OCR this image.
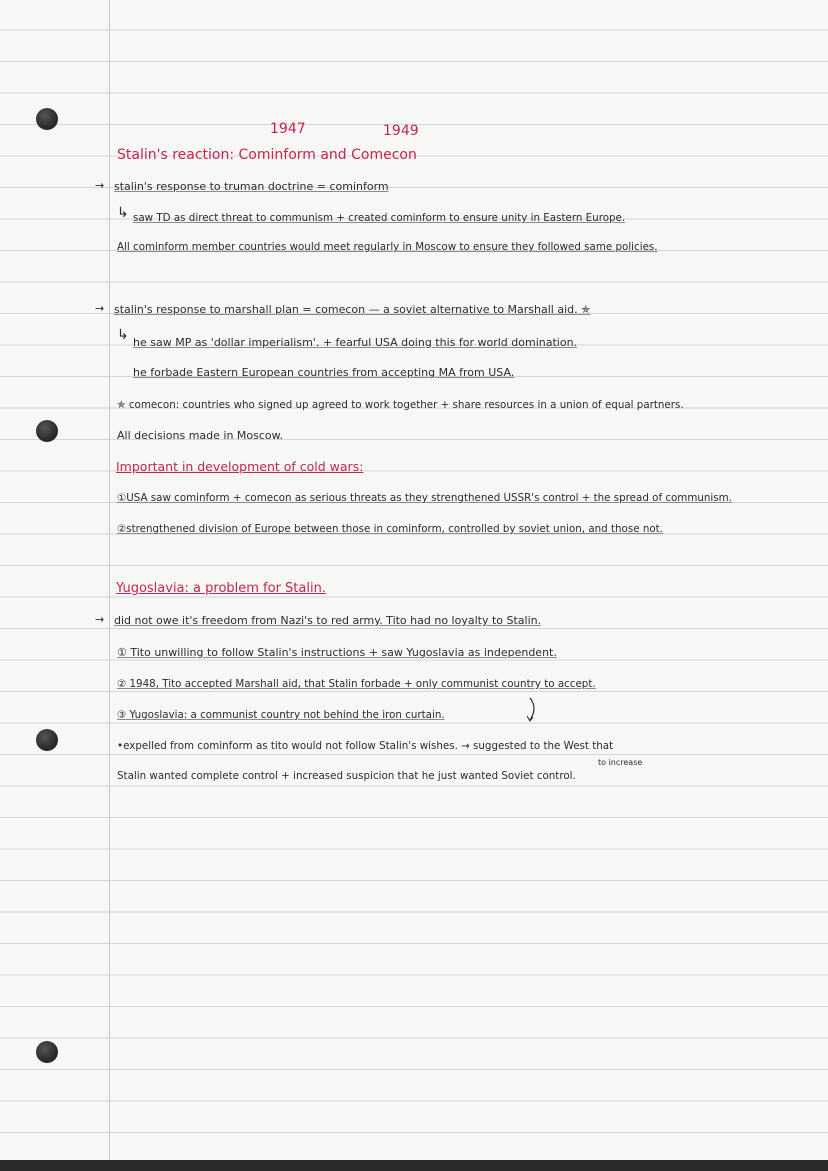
1947	1949
Stalin's reaction: Cominform and Comecon
→ stalin's response to truman doctrine = cominform
↳ saw TD as direct threat to communism + created cominform to ensure unity in Eastern Europe.
All cominform member countries would meet regularly in Moscow to ensure they followed same policies.
→ stalin's response to marshall plan = comecon — a soviet alternative to Marshall aid. ✯
↳ he saw MP as 'dollar imperialism'. + fearful USA doing this for world domination.
he forbade Eastern European countries from accepting MA from USA.
✯ comecon: countries who signed up agreed to work together + share resources in a union of equal partners.
All decisions made in Moscow.
Important in development of cold wars:
①USA saw cominform + comecon as serious threats as they strengthened USSR's control + the spread of communism.
②strengthened division of Europe between those in cominform, controlled by soviet union, and those not.
Yugoslavia: a problem for Stalin.
→ did not owe it's freedom from Nazi's to red army. Tito had no loyalty to Stalin.
① Tito unwilling to follow Stalin's instructions + saw Yugoslavia as independent.
② 1948, Tito accepted Marshall aid, that Stalin forbade + only communist country to accept.
③ Yugoslavia: a communist country not behind the iron curtain.
•expelled from cominform as tito would not follow Stalin's wishes. → suggested to the West that
to increase
Stalin wanted complete control + increased suspicion that he just wanted Soviet control.
